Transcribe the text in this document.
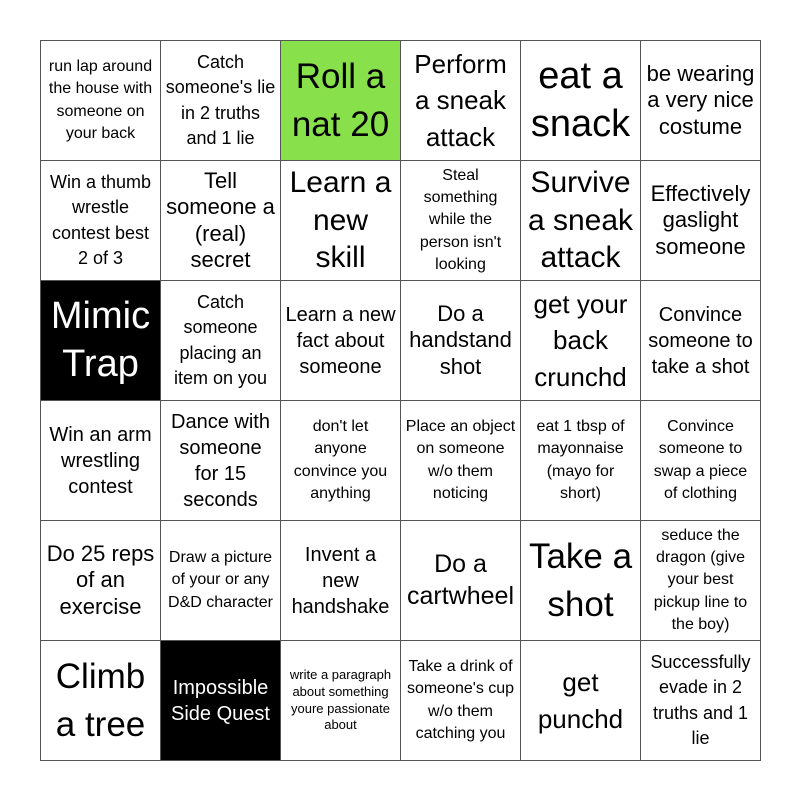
run lap around the house with someone on your back
Catch someone's lie in 2 truths and 1 lie
Roll a nat 20
Perform a sneak attack
eat a snack
be wearing a very nice costume
Win a thumb wrestle contest best 2 of 3
Tell someone a (real) secret
Learn a new skill
Steal something while the person isn't looking
Survive a sneak attack
Effectively gaslight someone
Mimic Trap
Catch someone placing an item on you
Learn a new fact about someone
Do a handstand shot
get your back crunchd
Convince someone to take a shot
Win an arm wrestling contest
Dance with someone for 15 seconds
don't let anyone convince you anything
Place an object on someone w/o them noticing
eat 1 tbsp of mayonnaise (mayo for short)
Convince someone to swap a piece of clothing
Do 25 reps of an exercise
Draw a picture of your or any D&D character
Invent a new handshake
Do a cartwheel
Take a shot
seduce the dragon (give your best pickup line to the boy)
Climb a tree
Impossible Side Quest
write a paragraph about something youre passionate about
Take a drink of someone's cup w/o them catching you
get punchd
Successfully evade in 2 truths and 1 lie
